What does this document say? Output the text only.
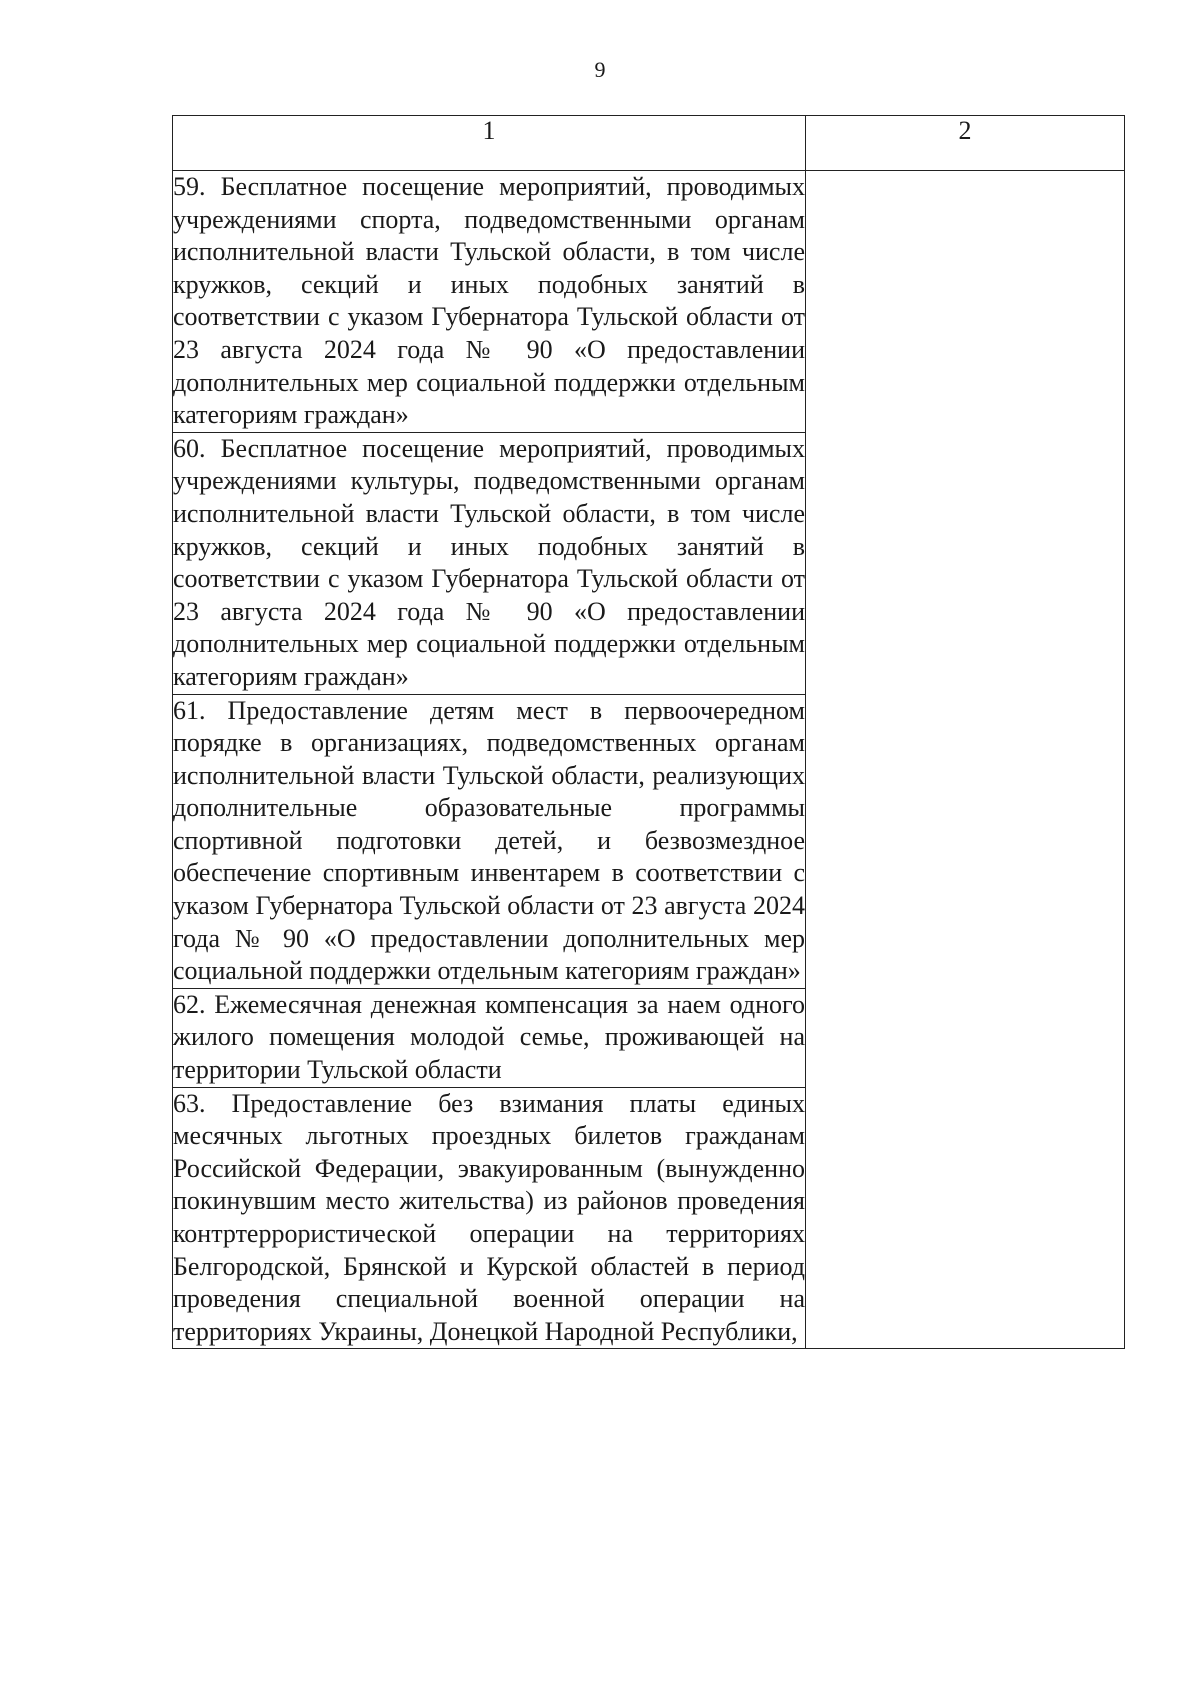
9
1	2
59. Бесплатное посещение мероприятий, проводимых учреждениями спорта, подведомственными органам исполнительной власти Тульской области, в том числе кружков, секций и иных подобных занятий в соответствии с указом Губернатора Тульской области от 23 августа 2024 года № 90 «О предоставлении дополнительных мер социальной поддержки отдельным категориям граждан»	
60. Бесплатное посещение мероприятий, проводимых учреждениями культуры, подведомственными органам исполнительной власти Тульской области, в том числе кружков, секций и иных подобных занятий в соответствии с указом Губернатора Тульской области от 23 августа 2024 года № 90 «О предоставлении дополнительных мер социальной поддержки отдельным категориям граждан»	
61. Предоставление детям мест в первоочередном порядке в организациях, подведомственных органам исполнительной власти Тульской области, реализующих дополнительные образовательные программы спортивной подготовки детей, и безвозмездное обеспечение спортивным инвентарем в соответствии с указом Губернатора Тульской области от 23 августа 2024 года № 90 «О предоставлении дополнительных мер социальной поддержки отдельным категориям граждан»	
62. Ежемесячная денежная компенсация за наем одного жилого помещения молодой семье, проживающей на территории Тульской области	
63. Предоставление без взимания платы единых месячных льготных проездных билетов гражданам Российской Федерации, эвакуированным (вынужденно покинувшим место жительства) из районов проведения контртеррористической операции на территориях Белгородской, Брянской и Курской областей в период проведения специальной военной операции на территориях Украины, Донецкой Народной Республики,	
